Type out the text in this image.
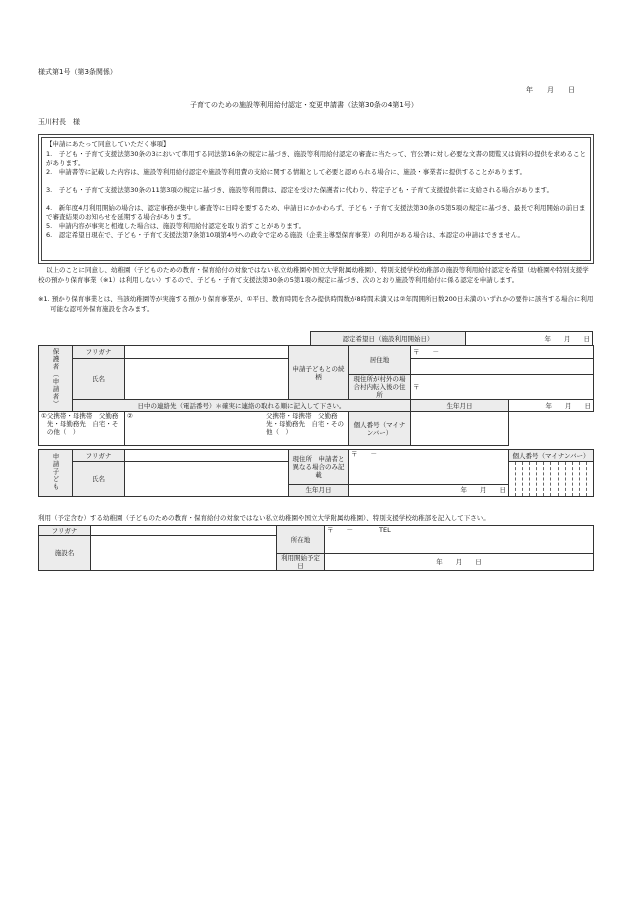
様式第1号（第3条関係）
年　　月　　日
子育てのための施設等利用給付認定・変更申請書（法第30条の4第1号）
玉川村長　様
【申請にあたって同意していただく事項】
1.　子ども・子育て支援法第30条の3において準用する同法第16条の規定に基づき、施設等利用給付認定の審査に当たって、官公署に対し必要な文書の閲覧又は資料の提供を求めることがあります。
2.　申請書等に記載した内容は、施設等利用給付認定や施設等利用費の支給に関する情報として必要と認められる場合に、施設・事業者に提供することがあります。
3.　子ども・子育て支援法第30条の11第3項の規定に基づき、施設等利用費は、認定を受けた保護者に代わり、特定子ども・子育て支援提供者に支給される場合があります。
4.　新年度4月利用開始の場合は、認定事務が集中し審査等に日時を要するため、申請日にかかわらず、子ども・子育て支援法第30条の5第5項の規定に基づき、最長で利用開始の前日まで審査結果のお知らせを延期する場合があります。
5.　申請内容が事実と相違した場合は、施設等利用給付認定を取り消すことがあります。
6.　認定希望日現在で、子ども・子育て支援法第7条第10項第4号への政令で定める施設（企業主導型保育事業）の利用がある場合は、本認定の申請はできません。
以上のことに同意し、幼稚園（子どものための教育・保育給付の対象ではない私立幼稚園や国立大学附属幼稚園）、特別支援学校幼稚部の施設等利用給付認定を希望（幼稚園や特別支援学校の預かり保育事業（※1）は利用しない）するので、子ども・子育て支援法第30条の5第1項の規定に基づき、次のとおり施設等利用給付に係る認定を申請します。
※1. 預かり保育事業とは、当該幼稚園等が実施する預かり保育事業が、①平日、教育時間を含み提供時間数が8時間未満又は②年間開所日数200日未満のいずれかの要件に該当する場合に利用可能な認可外保育施設を含みます。
認定希望日（施設利用開始日）	年　　月　　日
保護者（申請者）	フリガナ		申請子どもとの続柄	居住地	〒　　－	
	氏名					
				現住所が村外の場合村内転入後の住所	〒	
	日中の連絡先（電話番号）＊確実に連絡の取れる順に記入して下さい。				生年月日	年　　月　　日

① 父携帯・母携帯　父勤務先・母勤務先　自宅・その他（　）		② 父携帯・母携帯　父勤務先・母勤務先　自宅・その他（　）		個人番号（マイナンバー）		
申請子ども	フリガナ		現住所　申請者と異なる場合のみ記載	〒　　－	個人番号（マイナンバー）
	氏名				

			生年月日	年　　月　　日	
利用（予定含む）する幼稚園（子どものための教育・保育給付の対象ではない私立幼稚園や国立大学附属幼稚園）、特別支援学校幼稚部を記入して下さい。
フリガナ		所在地	〒　　－　　　　TEL
施設名			
		利用開始予定日	年　　月　　日
